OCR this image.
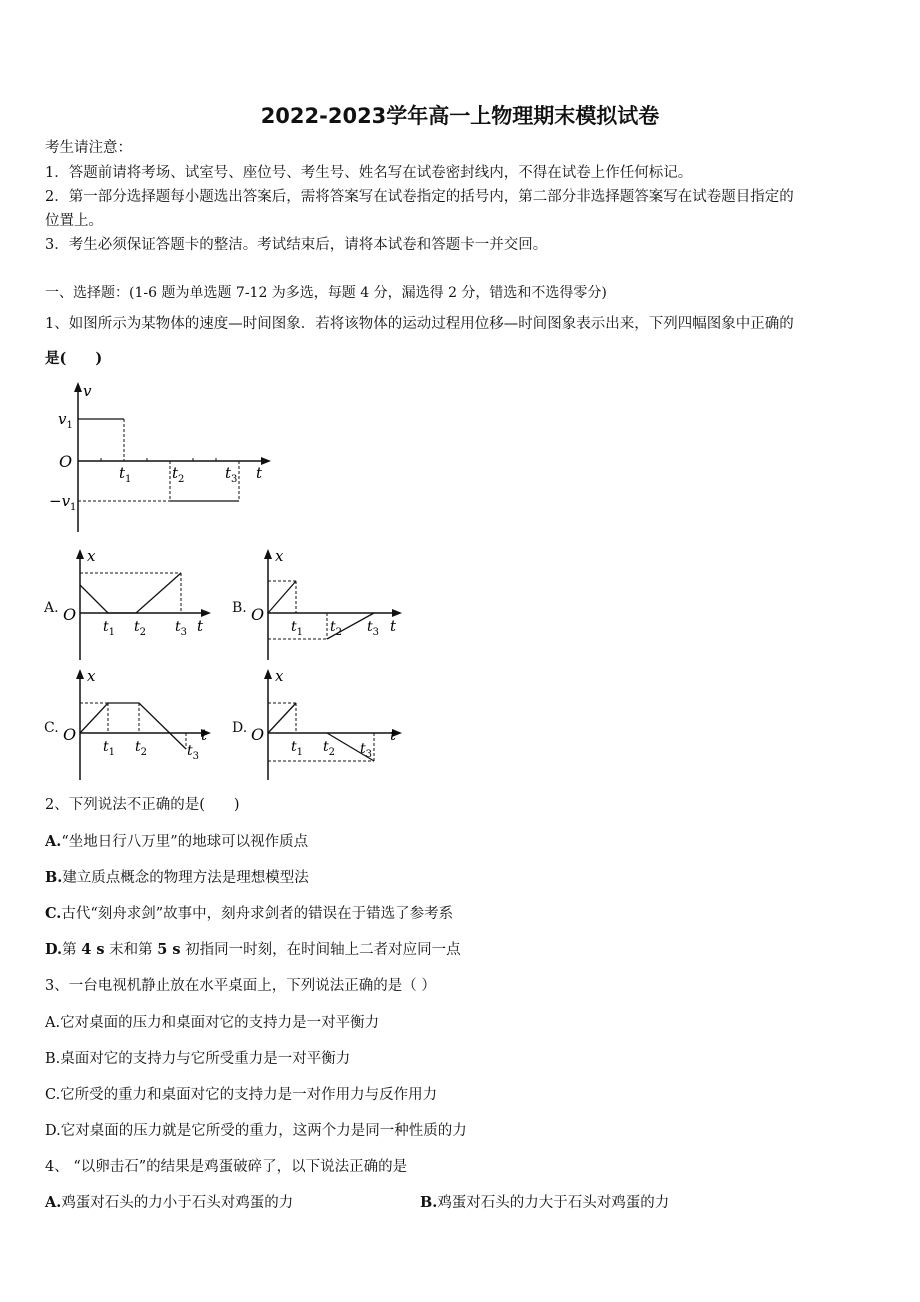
2022-2023学年高一上物理期末模拟试卷
考生请注意：
1．答题前请将考场、试室号、座位号、考生号、姓名写在试卷密封线内，不得在试卷上作任何标记。
2．第一部分选择题每小题选出答案后，需将答案写在试卷指定的括号内，第二部分非选择题答案写在试卷题目指定的
位置上。
3．考生必须保证答题卡的整洁。考试结束后，请将本试卷和答题卡一并交回。
一、选择题：(1-6 题为单选题 7-12 为多选，每题 4 分，漏选得 2 分，错选和不选得零分)
1、如图所示为某物体的速度—时间图象．若将该物体的运动过程用位移—时间图象表示出来，下列四幅图象中正确的
是(　　)
v
$v_1$
O
$-v_1$
$t_1$	$t_2$	$t_3$ t
A.
x
O
$t_1$ $t_2$ $t_3$ t
B.
x
O
$t_1$ $t_2$ $t_3$ t
C.
x
O
$t_1$ $t_2$	$t_3$
t D.
x
O
$t_1$ $t_2$ $t_3$
t
2、下列说法不正确的是(　　)
A.“坐地日行八万里”的地球可以视作质点
B.建立质点概念的物理方法是理想模型法
C.古代“刻舟求剑”故事中，刻舟求剑者的错误在于错选了参考系
D.第 4 s 末和第 5 s 初指同一时刻，在时间轴上二者对应同一点
3、一台电视机静止放在水平桌面上，下列说法正确的是（ ）
A.它对桌面的压力和桌面对它的支持力是一对平衡力
B.桌面对它的支持力与它所受重力是一对平衡力
C.它所受的重力和桌面对它的支持力是一对作用力与反作用力
D.它对桌面的压力就是它所受的重力，这两个力是同一种性质的力
4、 “以卵击石”的结果是鸡蛋破碎了，以下说法正确的是
A.鸡蛋对石头的力小于石头对鸡蛋的力	B.鸡蛋对石头的力大于石头对鸡蛋的力
